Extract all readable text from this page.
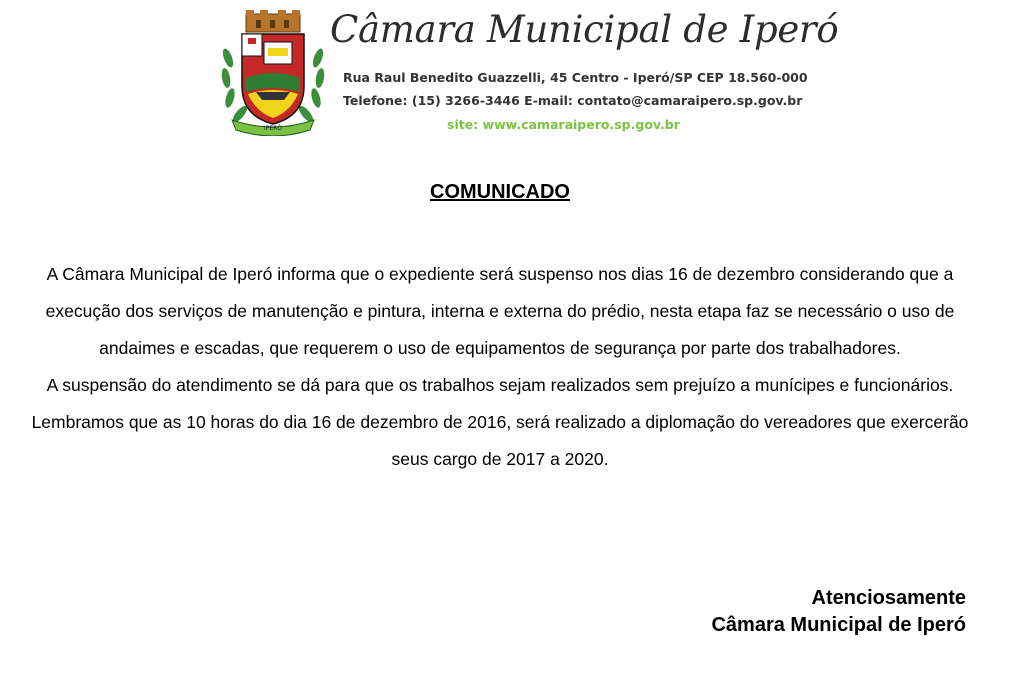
IPERÓ
Câmara Municipal de Iperó
Rua Raul Benedito Guazzelli, 45 Centro - Iperó/SP CEP 18.560-000
Telefone: (15) 3266-3446 E-mail: contato@camaraipero.sp.gov.br
site: www.camaraipero.sp.gov.br
COMUNICADO

A Câmara Municipal de Iperó informa que o expediente será suspenso nos dias 16 de dezembro considerando que a execução dos serviços de manutenção e pintura, interna e externa do prédio, nesta etapa faz se necessário o uso de andaimes e escadas, que requerem o uso de equipamentos de segurança por parte dos trabalhadores.

A suspensão do atendimento se dá para que os trabalhos sejam realizados sem prejuízo a munícipes e funcionários.

Lembramos que as 10 horas do dia 16 de dezembro de 2016, será realizado a diplomação do vereadores que exercerão seus cargo de 2017 a 2020.

Atenciosamente
Câmara Municipal de Iperó
